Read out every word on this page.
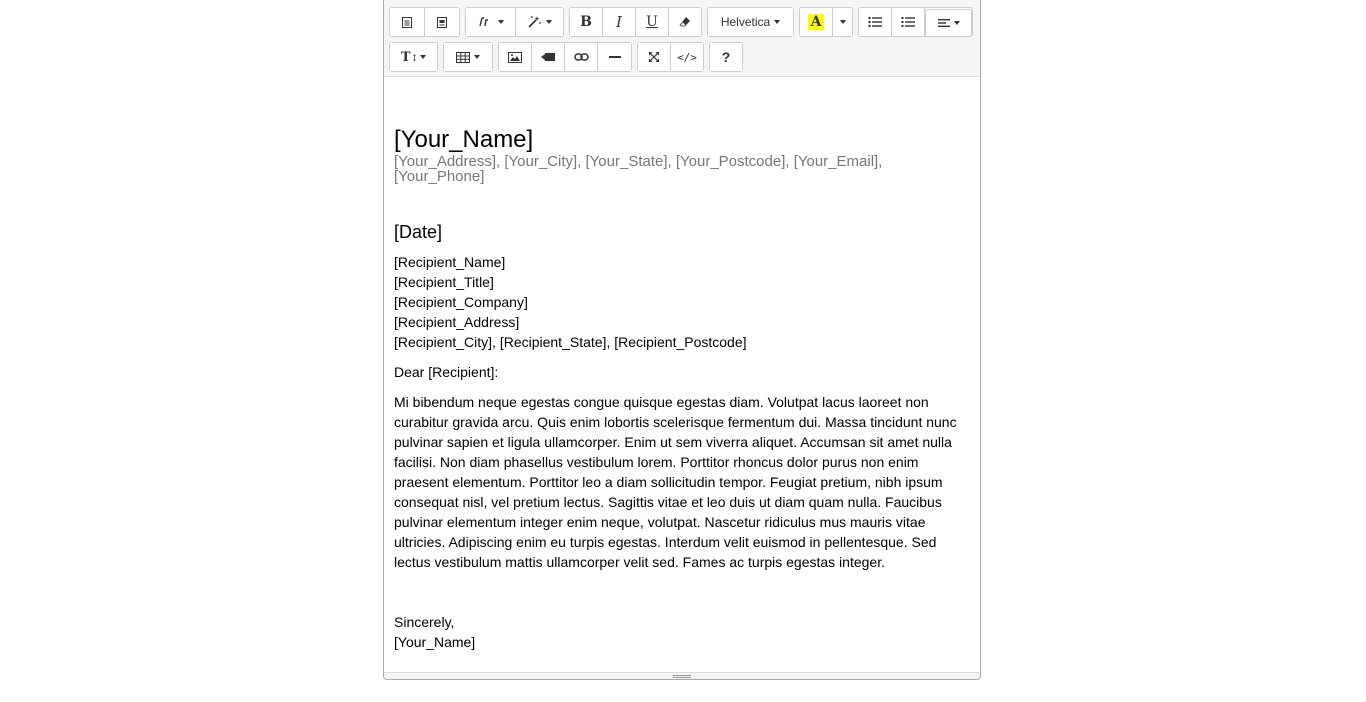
B I U	Helvetica	A
T↕	</> ?

[Your_Name]

[Your_Address], [Your_City], [Your_State], [Your_Postcode], [Your_Email], [Your_Phone]

[Date]

[Recipient_Name]

[Recipient_Title]

[Recipient_Company]

[Recipient_Address]

[Recipient_City], [Recipient_State], [Recipient_Postcode]

Dear [Recipient]:

Mi bibendum neque egestas congue quisque egestas diam. Volutpat lacus laoreet non curabitur gravida arcu. Quis enim lobortis scelerisque fermentum dui. Massa tincidunt nunc pulvinar sapien et ligula ullamcorper. Enim ut sem viverra aliquet. Accumsan sit amet nulla facilisi. Non diam phasellus vestibulum lorem. Porttitor rhoncus dolor purus non enim praesent elementum. Porttitor leo a diam sollicitudin tempor. Feugiat pretium, nibh ipsum consequat nisl, vel pretium lectus. Sagittis vitae et leo duis ut diam quam nulla. Faucibus pulvinar elementum integer enim neque, volutpat. Nascetur ridiculus mus mauris vitae ultricies. Adipiscing enim eu turpis egestas. Interdum velit euismod in pellentesque. Sed lectus vestibulum mattis ullamcorper velit sed. Fames ac turpis egestas integer.

Sincerely,

[Your_Name]
